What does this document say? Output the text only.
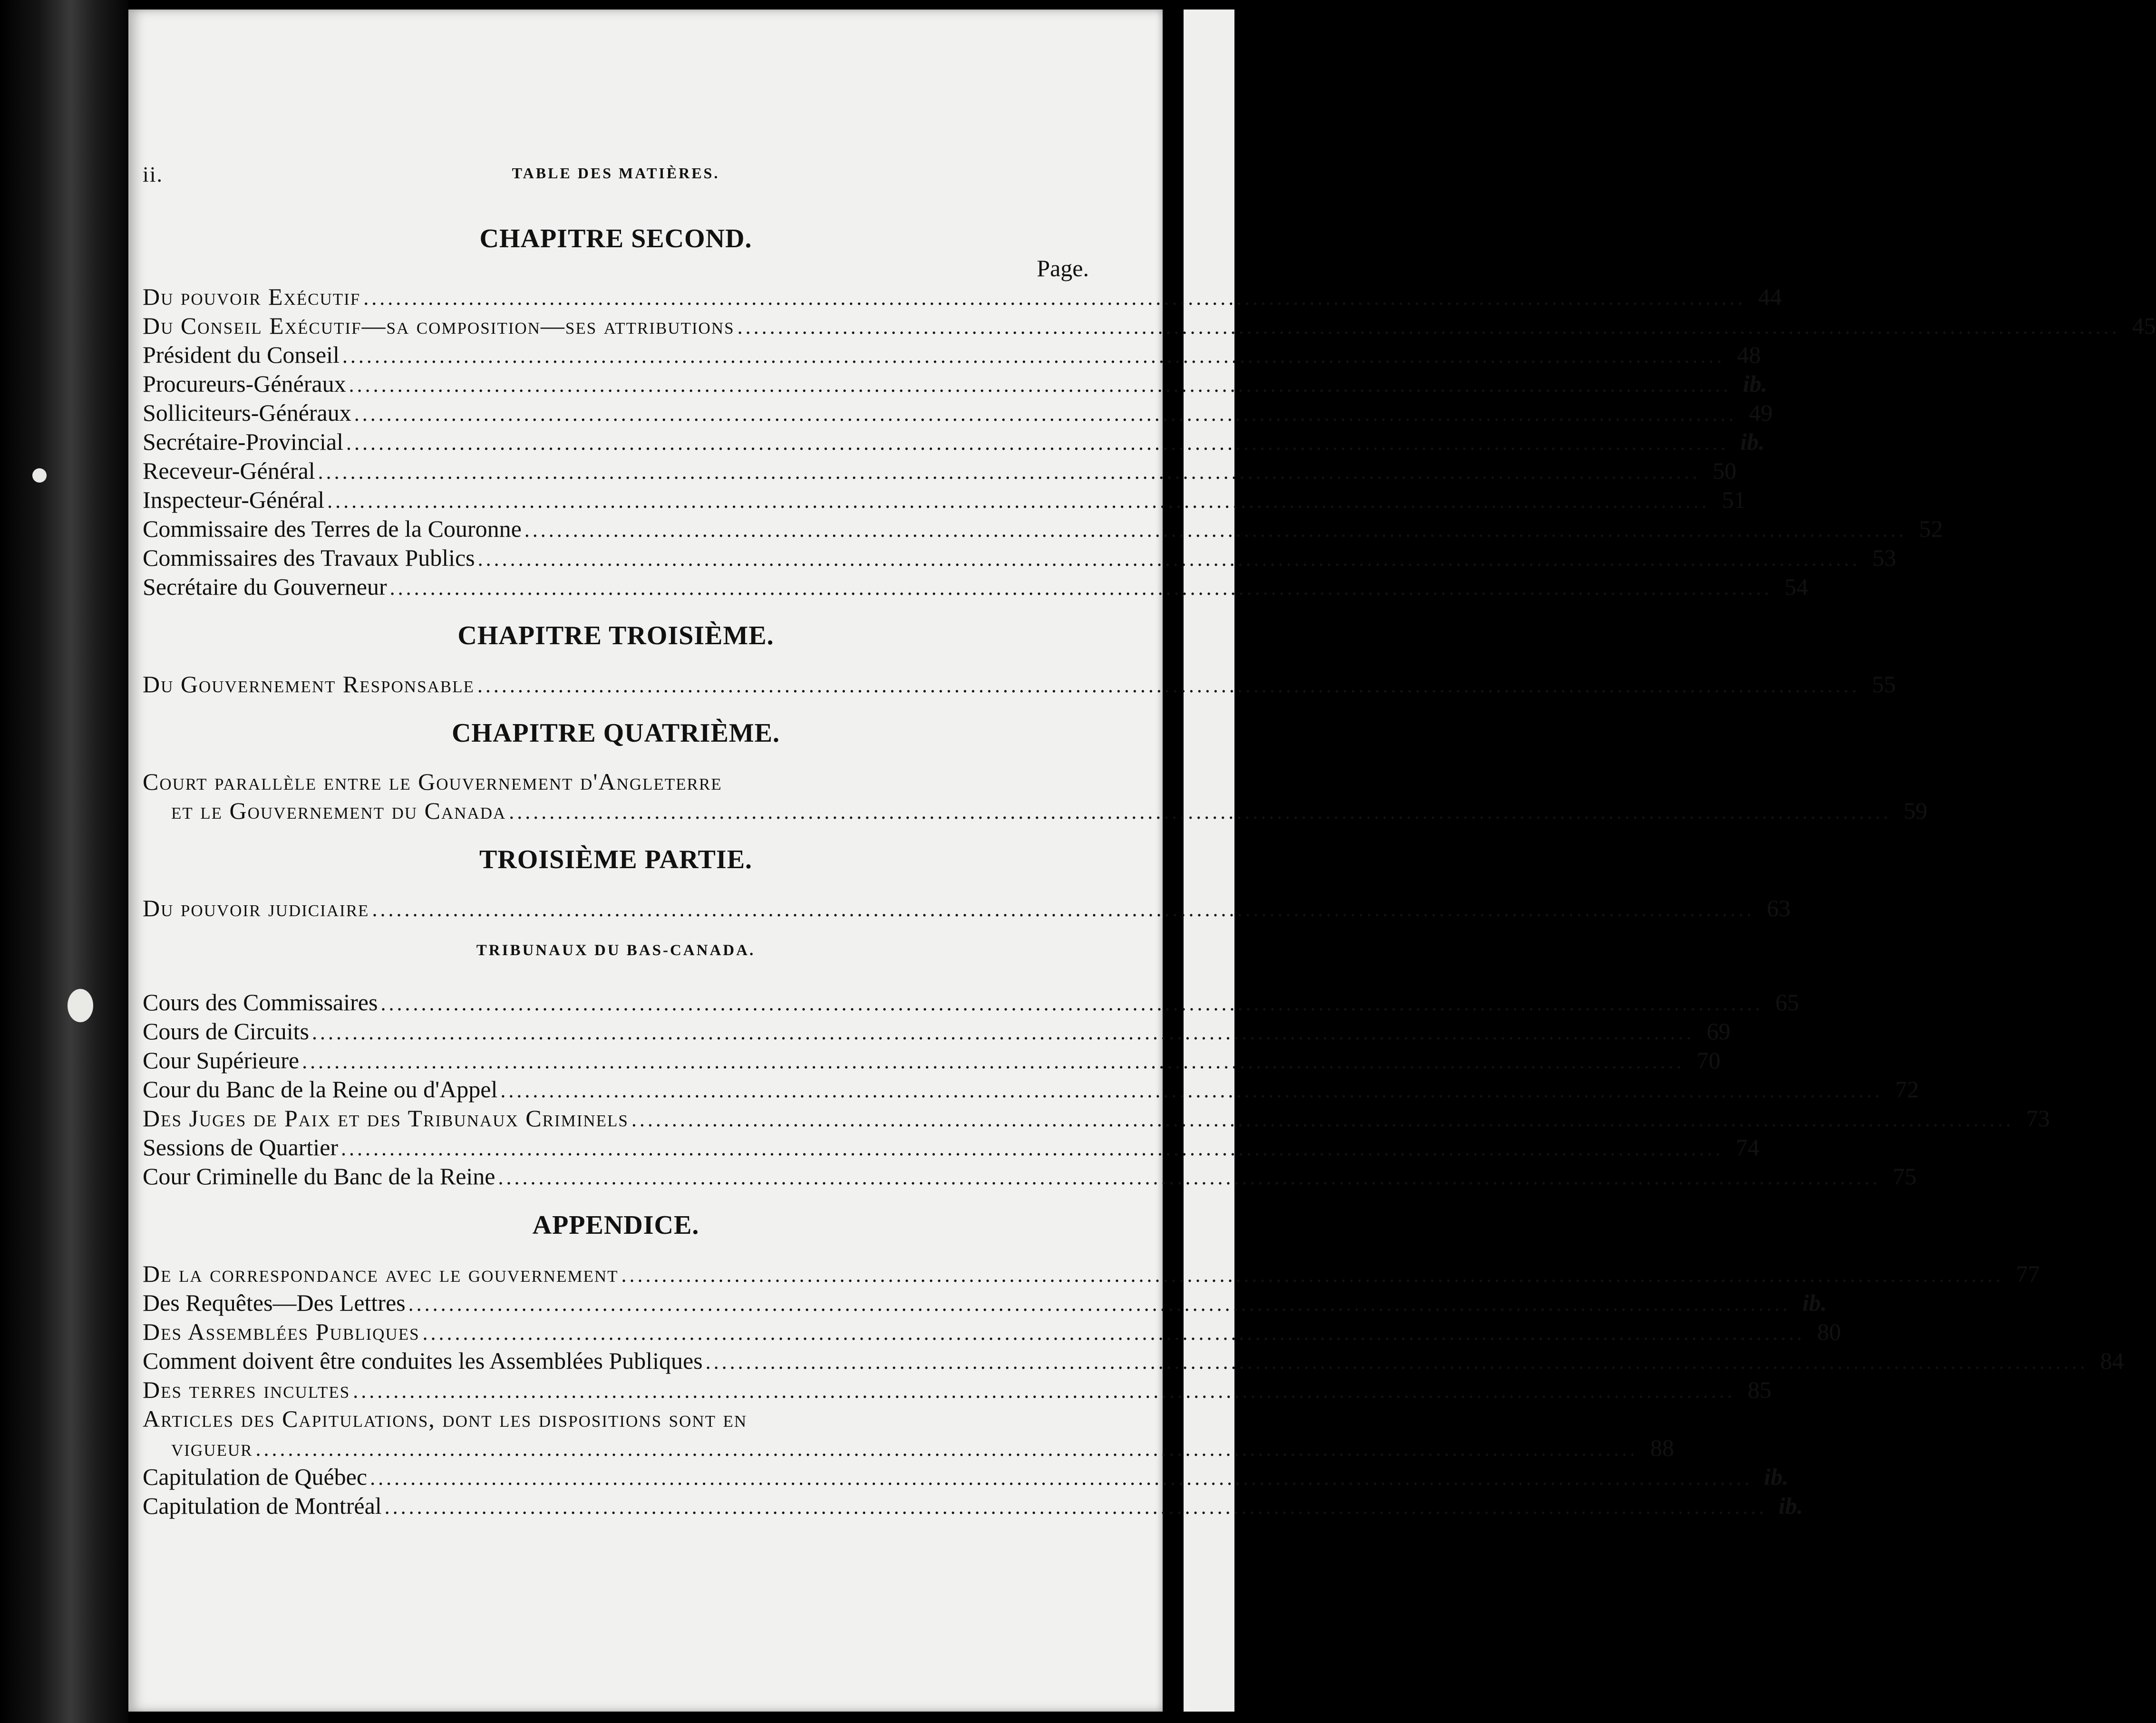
ii.	TABLE DES MATIÈRES.
CHAPITRE SECOND.
Page.
Du pouvoir Exécutif ........................................................................................................................................................................... 44
Du Conseil Exécutif—sa composition—ses attributions ........................................................................................................................................................................... 45
Président du Conseil ........................................................................................................................................................................... 48
Procureurs-Généraux ........................................................................................................................................................................... ib.
Solliciteurs-Généraux ........................................................................................................................................................................... 49
Secrétaire-Provincial ........................................................................................................................................................................... ib.
Receveur-Général ........................................................................................................................................................................... 50
Inspecteur-Général ........................................................................................................................................................................... 51
Commissaire des Terres de la Couronne ........................................................................................................................................................................... 52
Commissaires des Travaux Publics ........................................................................................................................................................................... 53
Secrétaire du Gouverneur ........................................................................................................................................................................... 54
CHAPITRE TROISIÈME.
Du Gouvernement Responsable ........................................................................................................................................................................... 55
CHAPITRE QUATRIÈME.
Court parallèle entre le Gouvernement d'Angleterre
et le Gouvernement du Canada ........................................................................................................................................................................... 59
TROISIÈME PARTIE.
Du pouvoir judiciaire ........................................................................................................................................................................... 63
TRIBUNAUX DU BAS-CANADA.
Cours des Commissaires ........................................................................................................................................................................... 65
Cours de Circuits ........................................................................................................................................................................... 69
Cour Supérieure ........................................................................................................................................................................... 70
Cour du Banc de la Reine ou d'Appel ........................................................................................................................................................................... 72
Des Juges de Paix et des Tribunaux Criminels ........................................................................................................................................................................... 73
Sessions de Quartier ........................................................................................................................................................................... 74
Cour Criminelle du Banc de la Reine ........................................................................................................................................................................... 75
APPENDICE.
De la correspondance avec le gouvernement ........................................................................................................................................................................... 77
Des Requêtes—Des Lettres ........................................................................................................................................................................... ib.
Des Assemblées Publiques ........................................................................................................................................................................... 80
Comment doivent être conduites les Assemblées Publiques ........................................................................................................................................................................... 84
Des terres incultes ........................................................................................................................................................................... 85
Articles des Capitulations, dont les dispositions sont en
vigueur ........................................................................................................................................................................... 88
Capitulation de Québec ........................................................................................................................................................................... ib.
Capitulation de Montréal ........................................................................................................................................................................... ib.
